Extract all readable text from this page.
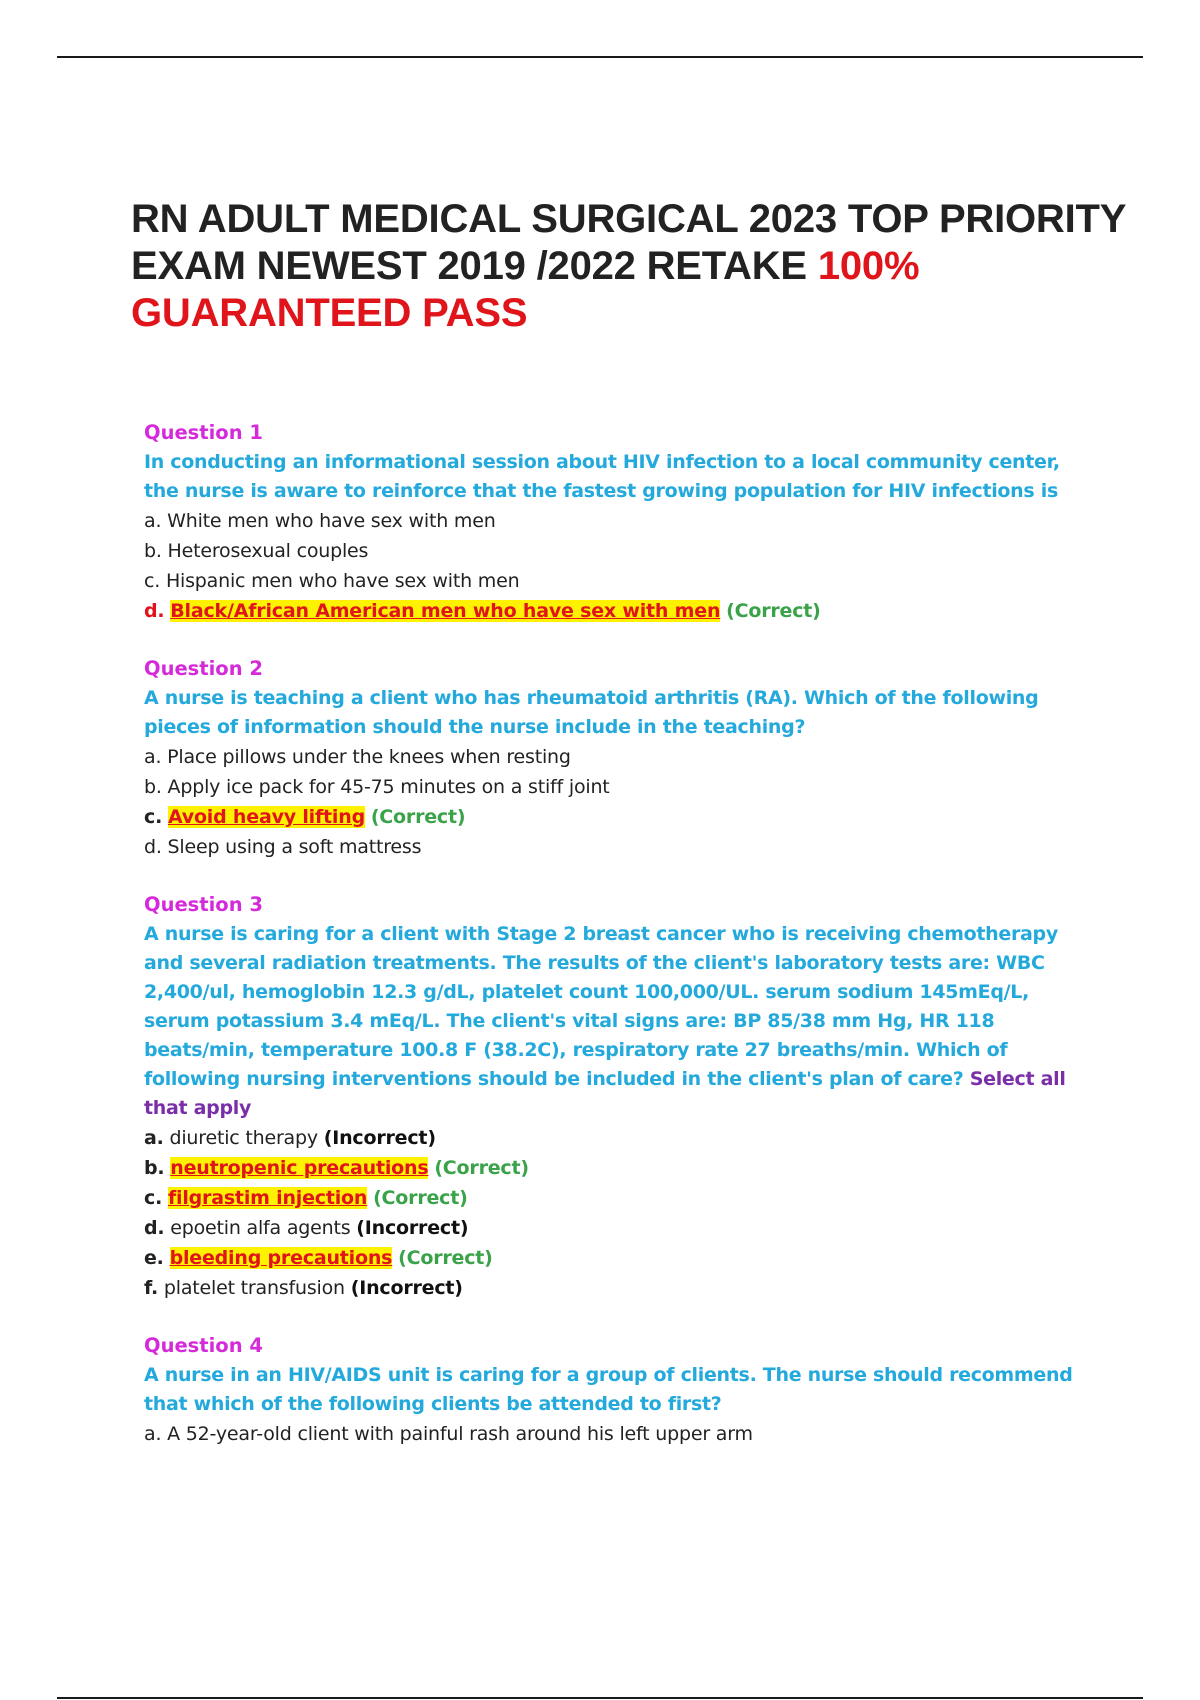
RN ADULT MEDICAL SURGICAL 2023 TOP PRIORITY
EXAM NEWEST 2019 /2022 RETAKE 100%
GUARANTEED PASS
Question 1
In conducting an informational session about HIV infection to a local community center, the nurse is aware to reinforce that the fastest growing population for HIV infections is
a. White men who have sex with men
b. Heterosexual couples
c. Hispanic men who have sex with men
d. Black/African American men who have sex with men (Correct)
Question 2
A nurse is teaching a client who has rheumatoid arthritis (RA). Which of the following pieces of information should the nurse include in the teaching?
a. Place pillows under the knees when resting
b. Apply ice pack for 45-75 minutes on a stiff joint
c. Avoid heavy lifting (Correct)
d. Sleep using a soft mattress
Question 3
A nurse is caring for a client with Stage 2 breast cancer who is receiving chemotherapy and several radiation treatments. The results of the client's laboratory tests are: WBC 2,400/ul, hemoglobin 12.3 g/dL, platelet count 100,000/UL. serum sodium 145mEq/L, serum potassium 3.4 mEq/L. The client's vital signs are: BP 85/38 mm Hg, HR 118 beats/min, temperature 100.8 F (38.2C), respiratory rate 27 breaths/min. Which of following nursing interventions should be included in the client's plan of care? Select all that apply
a. diuretic therapy (Incorrect)
b. neutropenic precautions (Correct)
c. filgrastim injection (Correct)
d. epoetin alfa agents (Incorrect)
e. bleeding precautions (Correct)
f. platelet transfusion (Incorrect)
Question 4
A nurse in an HIV/AIDS unit is caring for a group of clients. The nurse should recommend that which of the following clients be attended to first?
a. A 52-year-old client with painful rash around his left upper arm
